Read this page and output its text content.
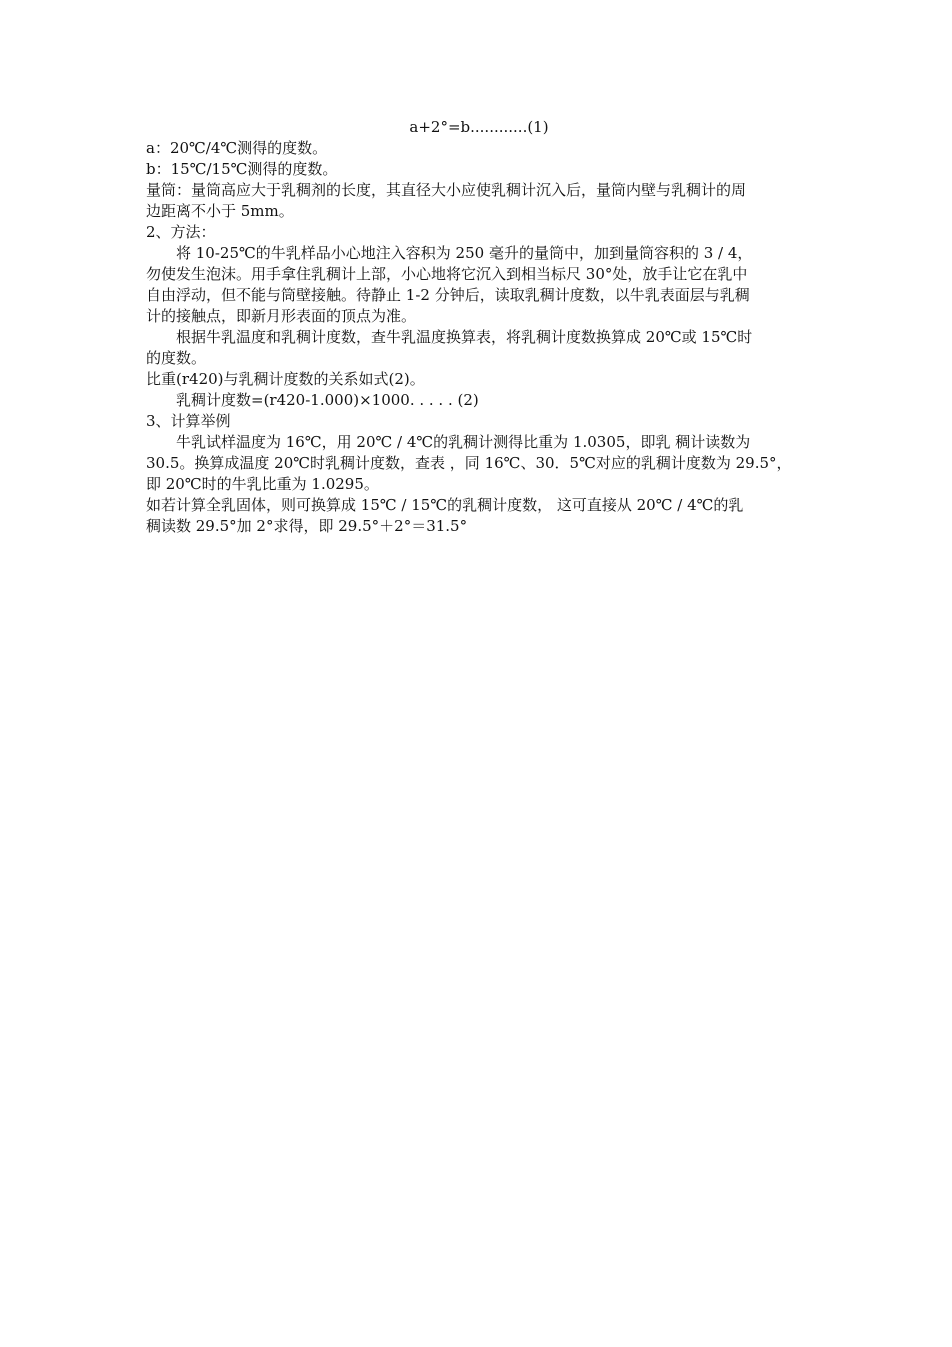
a+2°=b............(1)
a：20℃/4℃测得的度数。
b：15℃/15℃测得的度数。
量筒：量筒高应大于乳稠剂的长度，其直径大小应使乳稠计沉入后，量筒内壁与乳稠计的周
边距离不小于 5mm。
2、方法：
将 10-25℃的牛乳样品小心地注入容积为 250 毫升的量筒中，加到量筒容积的 3 / 4，
勿使发生泡沫。用手拿住乳稠计上部，小心地将它沉入到相当标尺 30°处，放手让它在乳中
自由浮动，但不能与筒壁接触。待静止 1-2 分钟后，读取乳稠计度数，以牛乳表面层与乳稠
计的接触点，即新月形表面的顶点为准。
根据牛乳温度和乳稠计度数，查牛乳温度换算表，将乳稠计度数换算成 20℃或 15℃时
的度数。
比重(r420)与乳稠计度数的关系如式(2)。
乳稠计度数=(r420-1.000)×1000. . . . . (2)
3、计算举例
牛乳试样温度为 16℃，用 20℃ / 4℃的乳稠计测得比重为 1.0305，即乳 稠计读数为
30.5。换算成温度 20℃时乳稠计度数，查表 ，同 16℃、30．5℃对应的乳稠计度数为 29.5°，
即 20℃时的牛乳比重为 1.0295。
如若计算全乳固体，则可换算成 15℃ / 15℃的乳稠计度数， 这可直接从 20℃ / 4℃的乳
稠读数 29.5°加 2°求得，即 29.5°＋2°＝31.5°
